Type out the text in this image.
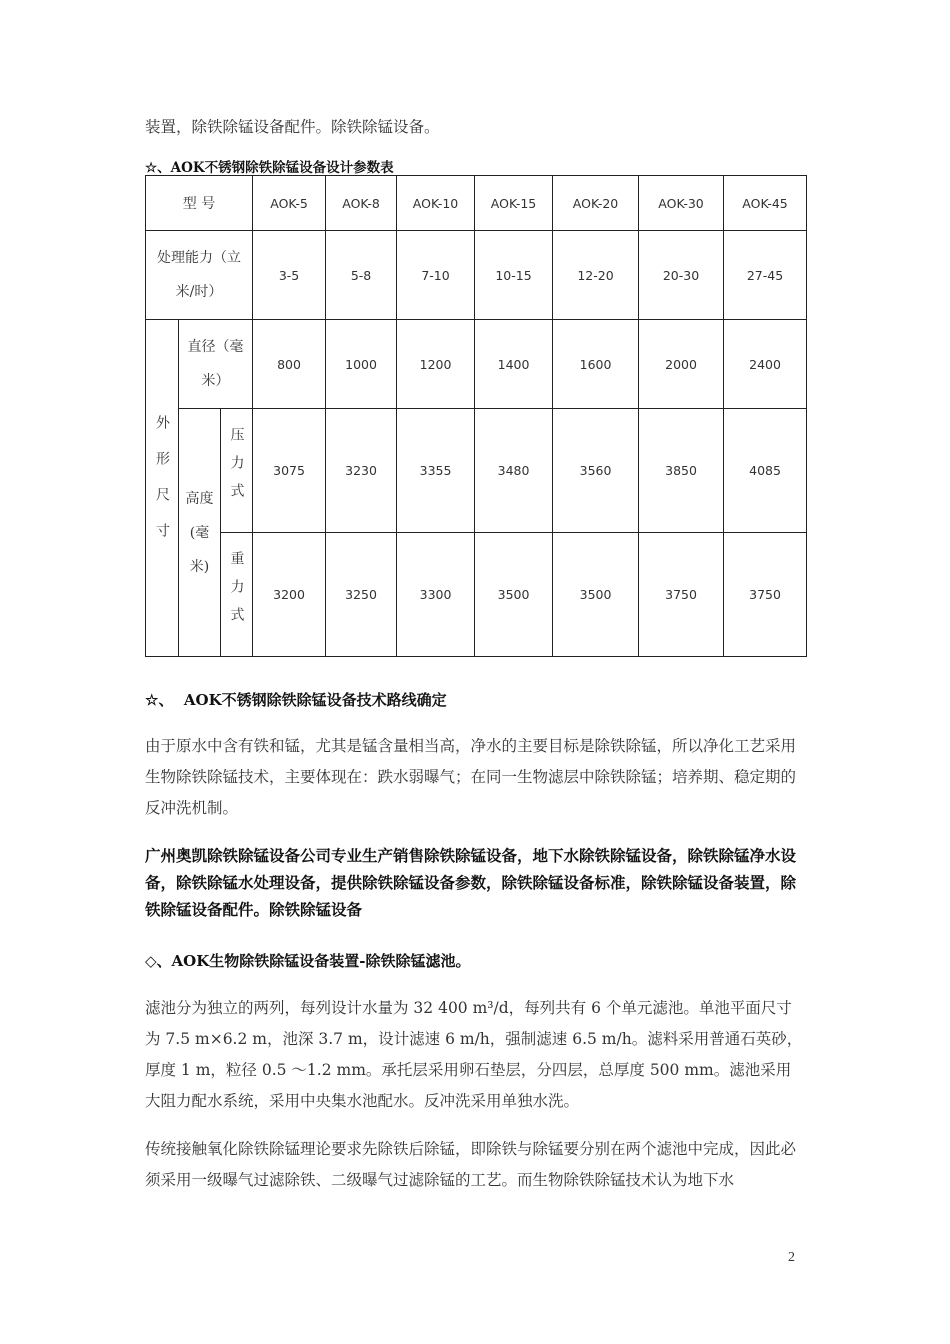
装置，除铁除锰设备配件。除铁除锰设备。
☆、AOK不锈钢除铁除锰设备设计参数表
型 号			AOK-5	AOK-8	AOK-10	AOK-15	AOK-20	AOK-30	AOK-45

处理能力（立米/时）			3-5	5-8	7-10	10-15	12-20	20-30	27-45
外形尺寸	直径（毫米）		800	1000	1200	1400	1600	2000	2400

	高度(毫米)	压力式	3075	3230	3355	3480	3560	3850	4085
		重力式	3200	3250	3300	3500	3500	3750	3750
☆、  AOK不锈钢除铁除锰设备技术路线确定
由于原水中含有铁和锰，尤其是锰含量相当高，净水的主要目标是除铁除锰，所以净化工艺采用生物除铁除锰技术，主要体现在：跌水弱曝气；在同一生物滤层中除铁除锰；培养期、稳定期的反冲洗机制。
广州奥凯除铁除锰设备公司专业生产销售除铁除锰设备，地下水除铁除锰设备，除铁除锰净水设备，除铁除锰水处理设备，提供除铁除锰设备参数，除铁除锰设备标准，除铁除锰设备装置，除铁除锰设备配件。除铁除锰设备
◇、AOK生物除铁除锰设备装置-除铁除锰滤池。
滤池分为独立的两列，每列设计水量为 32 400 m³/d，每列共有 6 个单元滤池。单池平面尺寸为 7.5 m×6.2 m，池深 3.7 m，设计滤速 6 m/h，强制滤速 6.5 m/h。滤料采用普通石英砂，厚度 1 m，粒径 0.5 ～1.2 mm。承托层采用卵石垫层，分四层，总厚度 500 mm。滤池采用大阻力配水系统，采用中央集水池配水。反冲洗采用单独水洗。
传统接触氧化除铁除锰理论要求先除铁后除锰，即除铁与除锰要分别在两个滤池中完成，因此必须采用一级曝气过滤除铁、二级曝气过滤除锰的工艺。而生物除铁除锰技术认为地下水
2
